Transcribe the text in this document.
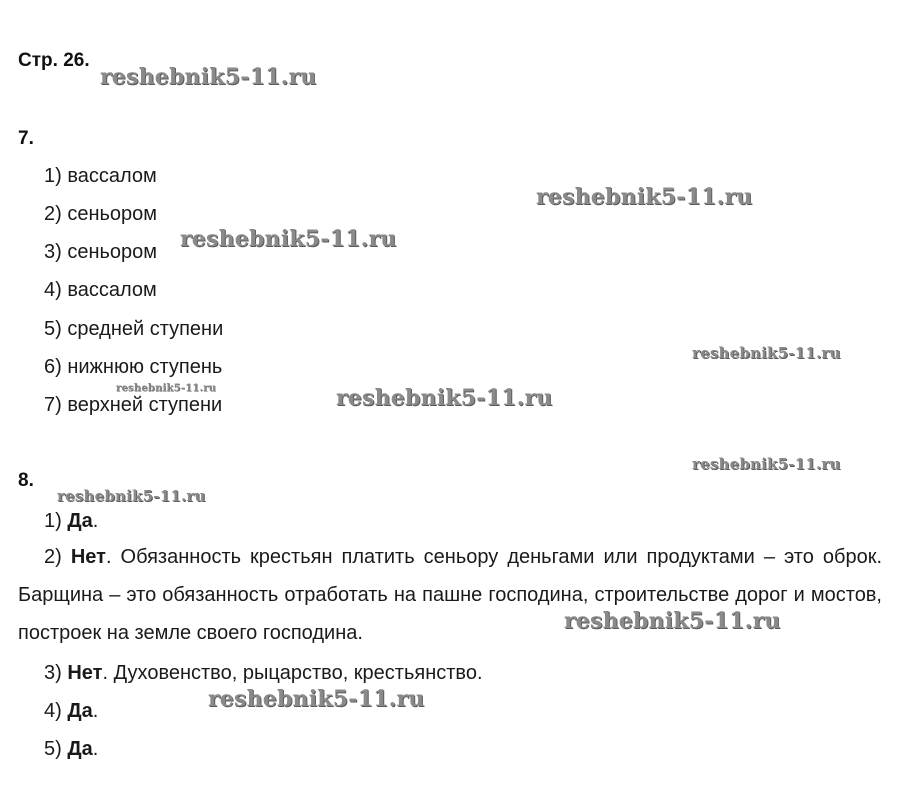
Стр. 26.
7.
1) вассалом
2) сеньором
3) сеньором
4) вассалом
5) средней ступени
6) нижнюю ступень
7) верхней ступени
8.
1) Да.
2) Нет. Обязанность крестьян платить сеньору деньгами или продуктами – это оброк. Барщина – это обязанность отработать на пашне господина, строительстве дорог и мостов, построек на земле своего господина.
3) Нет. Духовенство, рыцарство, крестьянство.
4) Да.
5) Да.
reshebnik5-11.ru
reshebnik5-11.ru
reshebnik5-11.ru
reshebnik5-11.ru
reshebnik5-11.ru	reshebnik5-11.ru
reshebnik5-11.ru
reshebnik5-11.ru
reshebnik5-11.ru
reshebnik5-11.ru
